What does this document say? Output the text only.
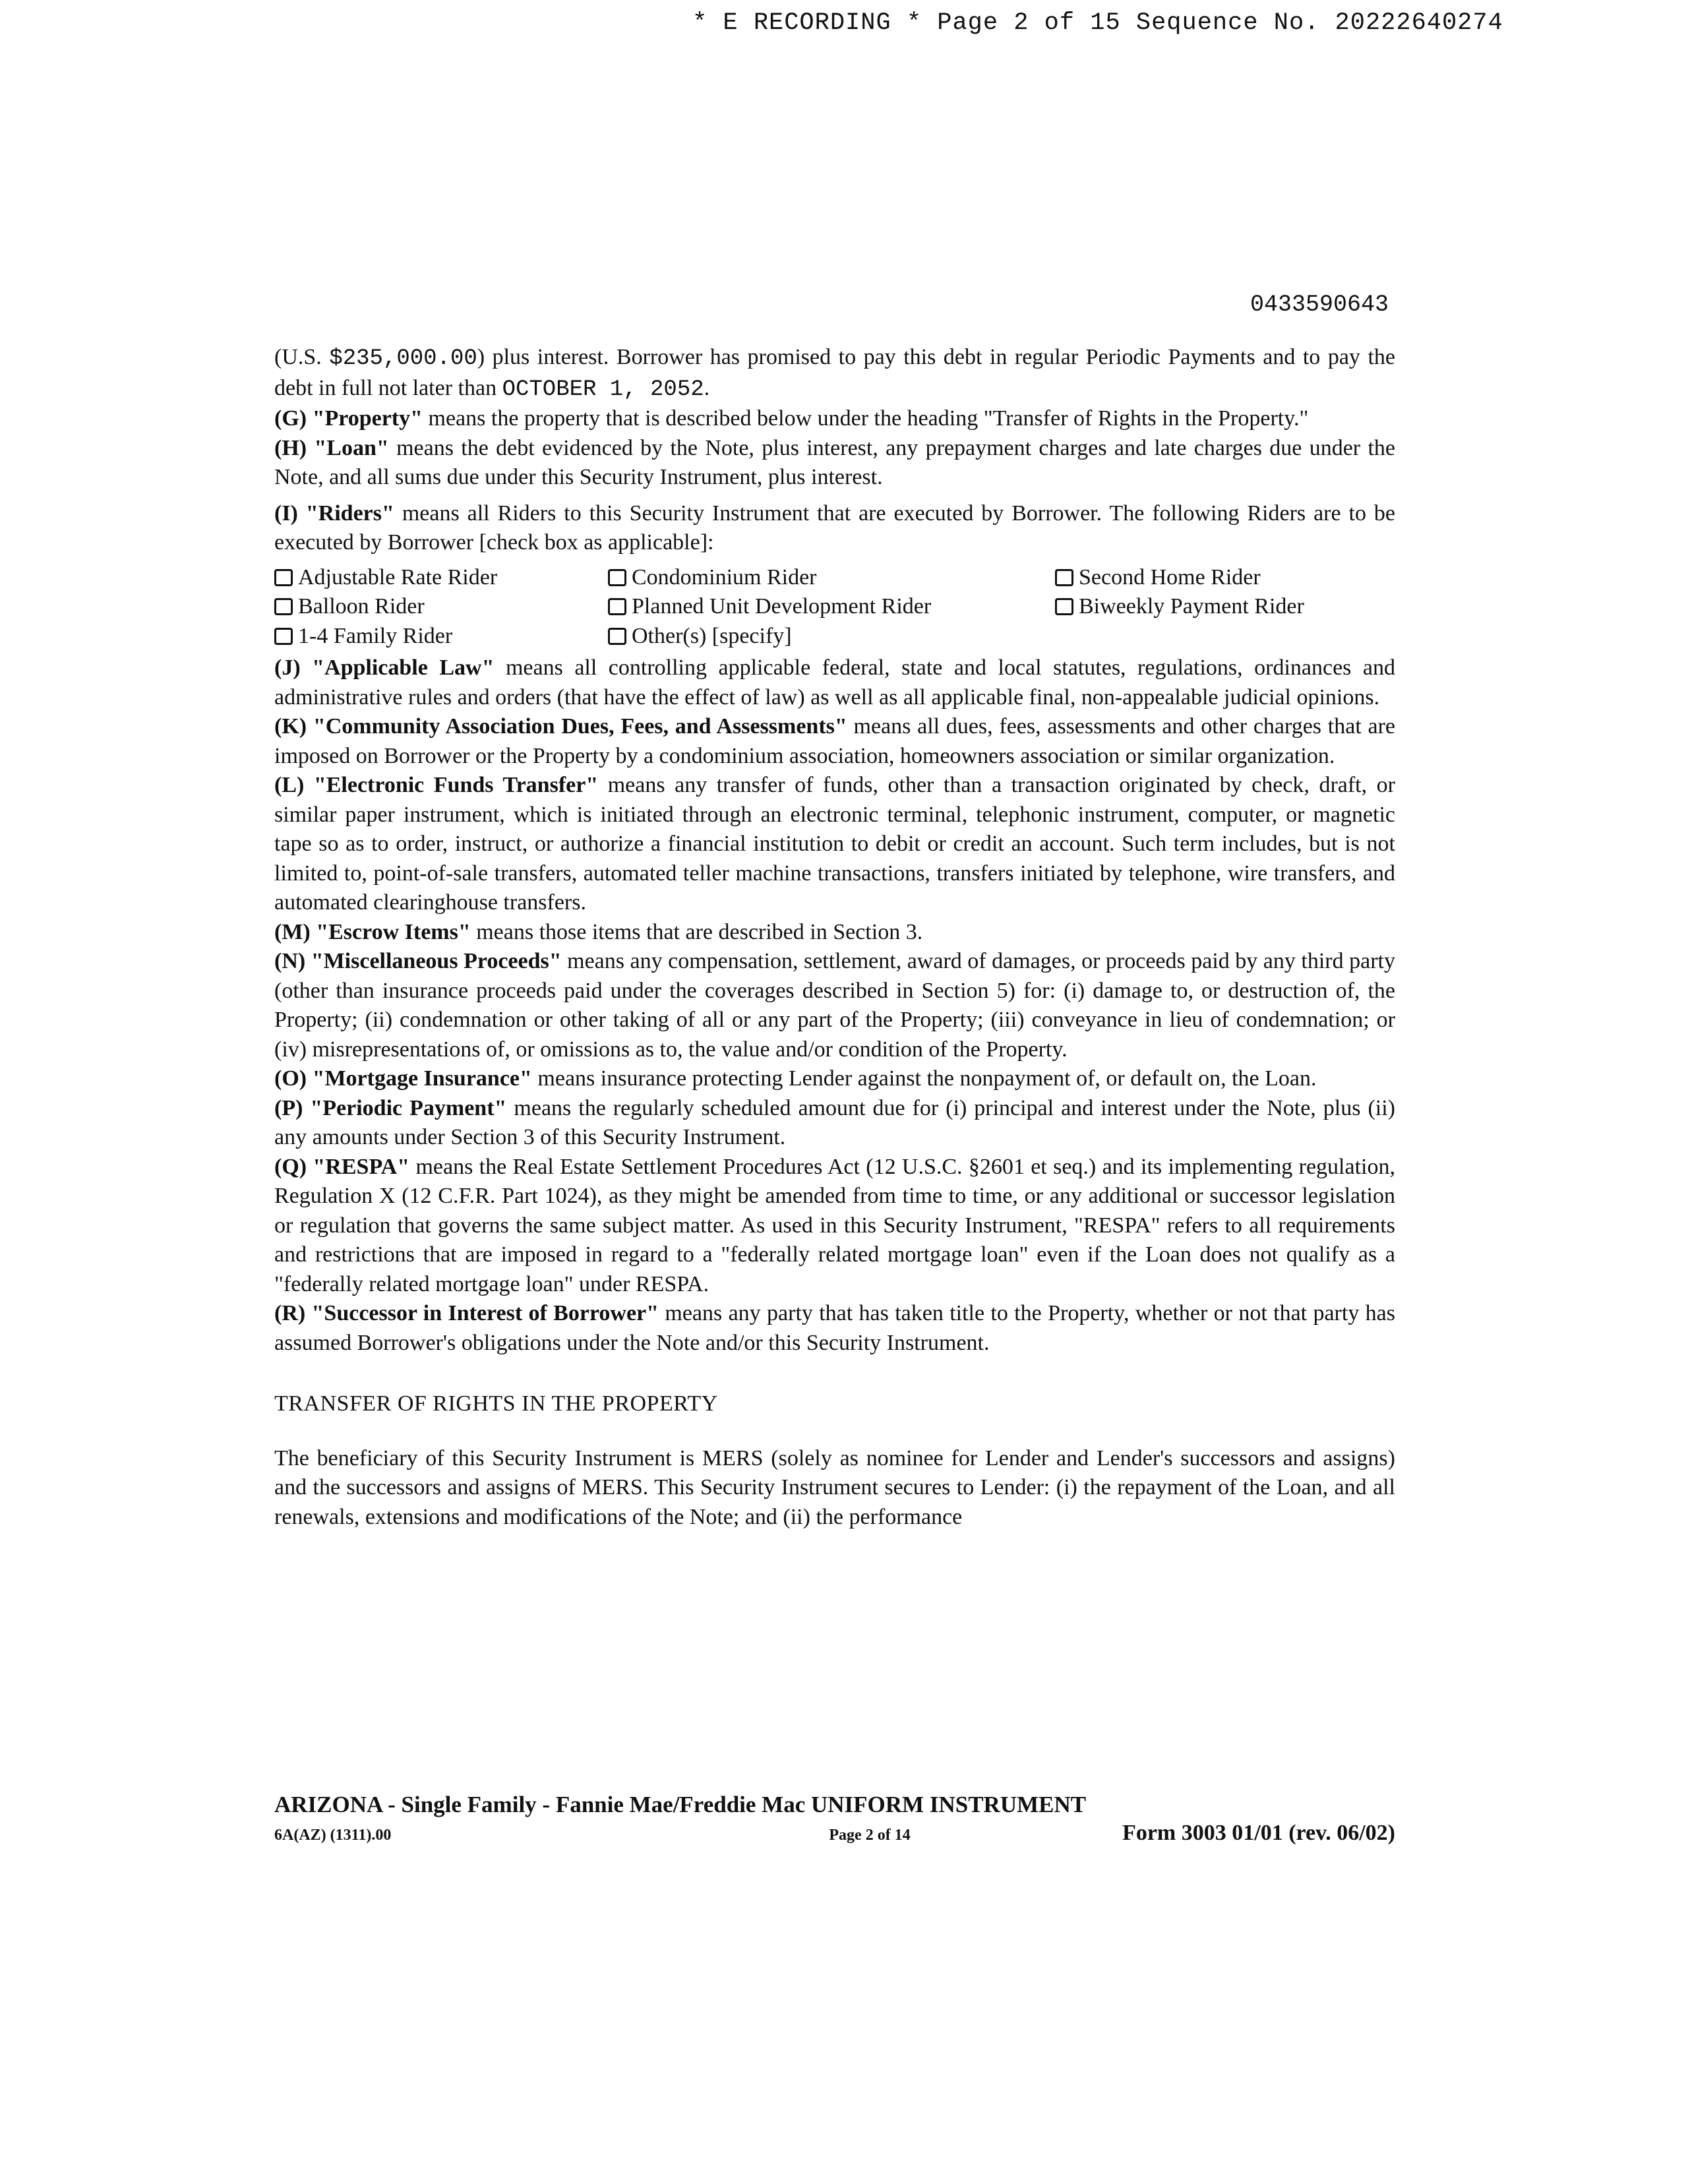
* E RECORDING * Page 2 of 15 Sequence No. 20222640274
0433590643

(U.S. $235,000.00) plus interest. Borrower has promised to pay this debt in regular Periodic Payments and to pay the debt in full not later than OCTOBER 1, 2052.

(G) "Property" means the property that is described below under the heading "Transfer of Rights in the Property."

(H) "Loan" means the debt evidenced by the Note, plus interest, any prepayment charges and late charges due under the Note, and all sums due under this Security Instrument, plus interest.

(I) "Riders" means all Riders to this Security Instrument that are executed by Borrower. The following Riders are to be executed by Borrower [check box as applicable]:

Adjustable Rate Rider	Condominium Rider	Second Home Rider
Balloon Rider	Planned Unit Development Rider	Biweekly Payment Rider
1-4 Family Rider	Other(s) [specify]

(J) "Applicable Law" means all controlling applicable federal, state and local statutes, regulations, ordinances and administrative rules and orders (that have the effect of law) as well as all applicable final, non-appealable judicial opinions.

(K) "Community Association Dues, Fees, and Assessments" means all dues, fees, assessments and other charges that are imposed on Borrower or the Property by a condominium association, homeowners association or similar organization.

(L) "Electronic Funds Transfer" means any transfer of funds, other than a transaction originated by check, draft, or similar paper instrument, which is initiated through an electronic terminal, telephonic instrument, computer, or magnetic tape so as to order, instruct, or authorize a financial institution to debit or credit an account. Such term includes, but is not limited to, point-of-sale transfers, automated teller machine transactions, transfers initiated by telephone, wire transfers, and automated clearinghouse transfers.

(M) "Escrow Items" means those items that are described in Section 3.

(N) "Miscellaneous Proceeds" means any compensation, settlement, award of damages, or proceeds paid by any third party (other than insurance proceeds paid under the coverages described in Section 5) for: (i) damage to, or destruction of, the Property; (ii) condemnation or other taking of all or any part of the Property; (iii) conveyance in lieu of condemnation; or (iv) misrepresentations of, or omissions as to, the value and/or condition of the Property.

(O) "Mortgage Insurance" means insurance protecting Lender against the nonpayment of, or default on, the Loan.

(P) "Periodic Payment" means the regularly scheduled amount due for (i) principal and interest under the Note, plus (ii) any amounts under Section 3 of this Security Instrument.

(Q) "RESPA" means the Real Estate Settlement Procedures Act (12 U.S.C. §2601 et seq.) and its implementing regulation, Regulation X (12 C.F.R. Part 1024), as they might be amended from time to time, or any additional or successor legislation or regulation that governs the same subject matter. As used in this Security Instrument, "RESPA" refers to all requirements and restrictions that are imposed in regard to a "federally related mortgage loan" even if the Loan does not qualify as a "federally related mortgage loan" under RESPA.

(R) "Successor in Interest of Borrower" means any party that has taken title to the Property, whether or not that party has assumed Borrower's obligations under the Note and/or this Security Instrument.

TRANSFER OF RIGHTS IN THE PROPERTY

The beneficiary of this Security Instrument is MERS (solely as nominee for Lender and Lender's successors and assigns) and the successors and assigns of MERS. This Security Instrument secures to Lender: (i) the repayment of the Loan, and all renewals, extensions and modifications of the Note; and (ii) the performance

ARIZONA - Single Family - Fannie Mae/Freddie Mac UNIFORM INSTRUMENT
6A(AZ) (1311).00	Page 2 of 14	Form 3003 01/01 (rev. 06/02)
